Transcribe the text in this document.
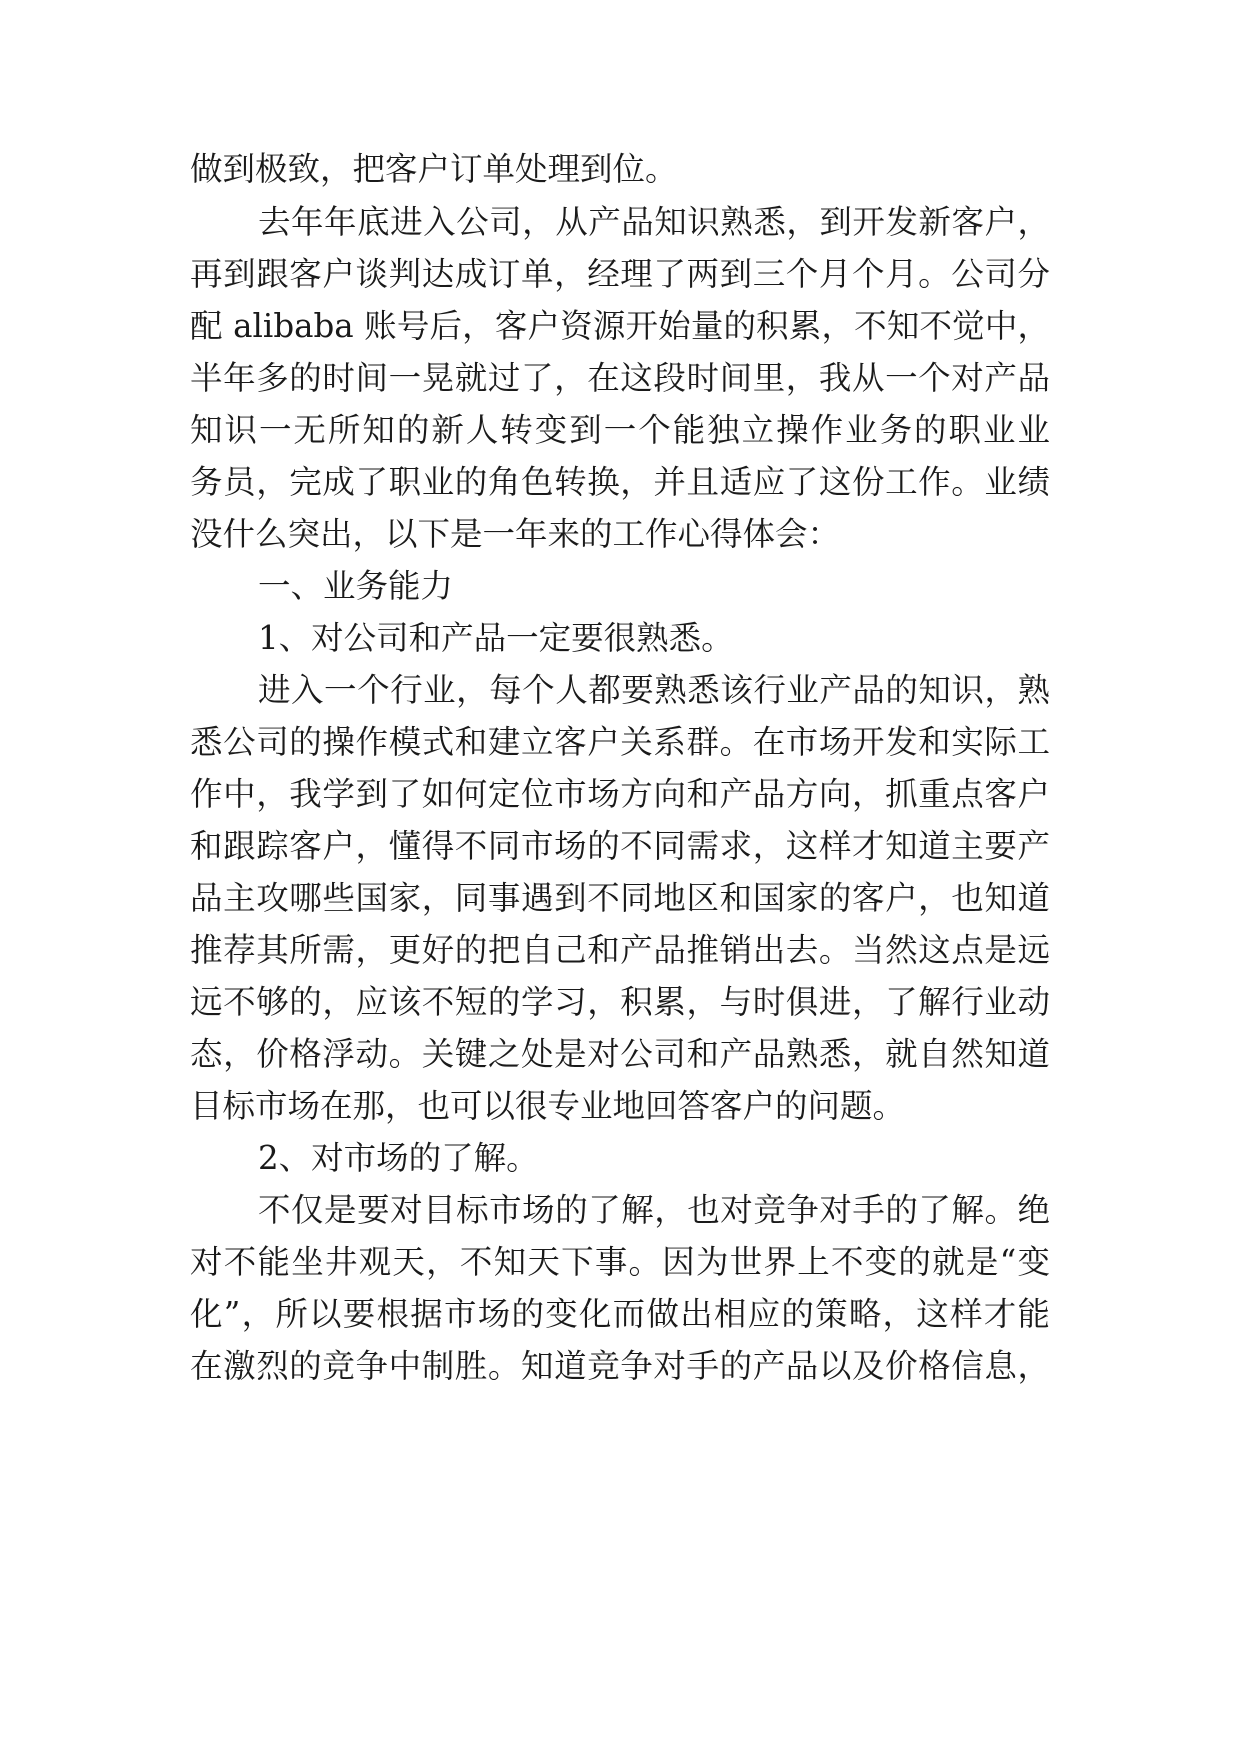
做到极致，把客户订单处理到位。
去年年底进入公司，从产品知识熟悉，到开发新客户，
再到跟客户谈判达成订单，经理了两到三个月个月。公司分
配 alibaba 账号后，客户资源开始量的积累，不知不觉中，
半年多的时间一晃就过了，在这段时间里，我从一个对产品
知识一无所知的新人转变到一个能独立操作业务的职业业
务员，完成了职业的角色转换，并且适应了这份工作。业绩
没什么突出，以下是一年来的工作心得体会：
一、业务能力
1、对公司和产品一定要很熟悉。
进入一个行业，每个人都要熟悉该行业产品的知识，熟
悉公司的操作模式和建立客户关系群。在市场开发和实际工
作中，我学到了如何定位市场方向和产品方向，抓重点客户
和跟踪客户，懂得不同市场的不同需求，这样才知道主要产
品主攻哪些国家，同事遇到不同地区和国家的客户，也知道
推荐其所需，更好的把自己和产品推销出去。当然这点是远
远不够的，应该不短的学习，积累，与时俱进，了解行业动
态，价格浮动。关键之处是对公司和产品熟悉，就自然知道
目标市场在那，也可以很专业地回答客户的问题。
2、对市场的了解。
不仅是要对目标市场的了解，也对竞争对手的了解。绝
对不能坐井观天，不知天下事。因为世界上不变的就是“变
化”，所以要根据市场的变化而做出相应的策略，这样才能
在激烈的竞争中制胜。知道竞争对手的产品以及价格信息，
